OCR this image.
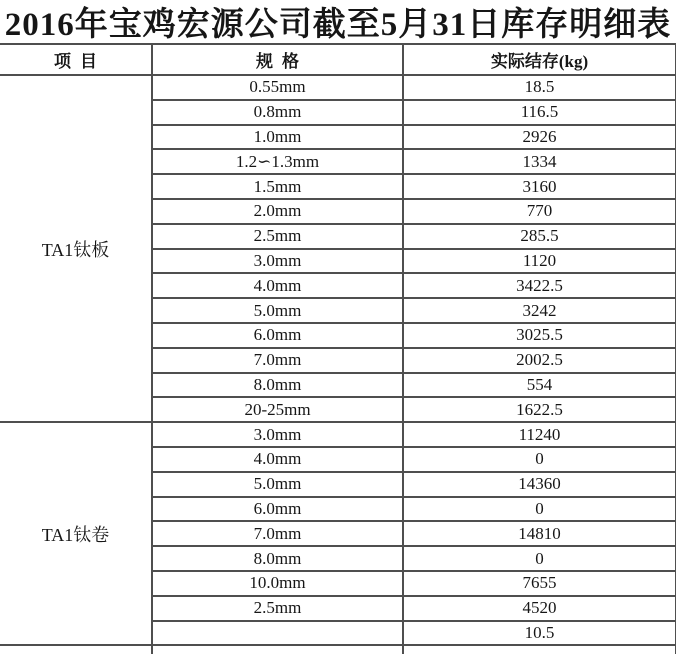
2016年宝鸡宏源公司截至5月31日库存明细表
项目	规格	实际结存(kg)
TA1钛板	0.55mm	18.5
	0.8mm	116.5
	1.0mm	2926
	1.2∽1.3mm	1334
	1.5mm	3160
	2.0mm	770
	2.5mm	285.5
	3.0mm	1120
	4.0mm	3422.5
	5.0mm	3242
	6.0mm	3025.5
	7.0mm	2002.5
	8.0mm	554
	20-25mm	1622.5
TA1钛卷	3.0mm	11240
	4.0mm	0
	5.0mm	14360
	6.0mm	0
	7.0mm	14810
	8.0mm	0
	10.0mm	7655
	2.5mm	4520
		10.5
